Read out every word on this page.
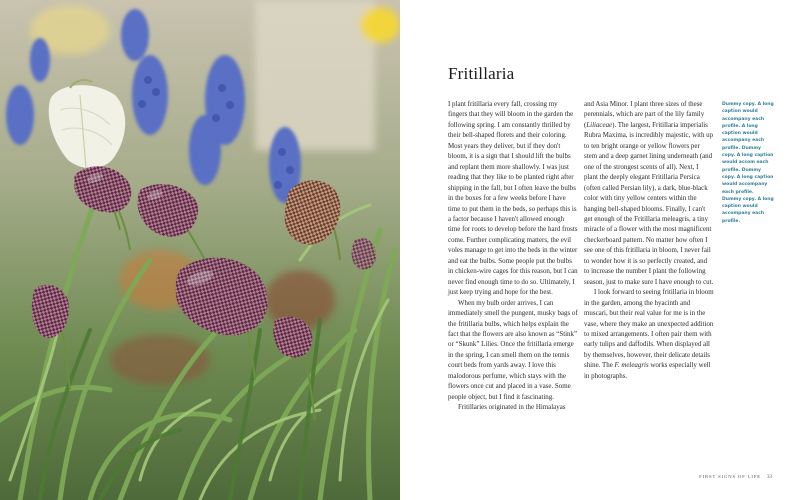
Fritillaria

I plant fritillaria every fall, crossing my fingers that they will bloom in the garden the following spring. I am constantly thrilled by their bell-shaped florets and their coloring. Most years they deliver, but if they don't bloom, it is a sign that I should lift the bulbs and replant them more shallowly. I was just reading that they like to be planted right after shipping in the fall, but I often leave the bulbs in the boxes for a few weeks before I have time to put them in the beds, so perhaps this is a factor because I haven't allowed enough time for roots to develop before the hard frosts come. Further complicating matters, the evil voles manage to get into the beds in the winter and eat the bulbs. Some people put the bulbs in chicken-wire cages for this reason, but I can never find enough time to do so. Ultimately, I just keep trying and hope for the best.

When my bulb order arrives, I can immediately smell the pungent, musky bags of the fritillaria bulbs, which helps explain the fact that the flowers are also known as “Stink” or “Skunk” Lilies. Once the fritillaria emerge in the spring, I can smell them on the tennis court beds from yards away. I love this malodorous perfume, which stays with the flowers once cut and placed in a vase. Some people object, but I find it fascinating.

Fritillaries originated in the Himalayas

and Asia Minor. I plant three sizes of these perennials, which are part of the lily family (Liliaceae). The largest, Fritillaria imperialis Rubra Maxima, is incredibly majestic, with up to ten bright orange or yellow flowers per stem and a deep garnet lining underneath (and one of the strongest scents of all). Next, I plant the deeply elegant Fritillaria Persica (often called Persian lily), a dark, blue-black color with tiny yellow centers within the hanging bell-shaped blooms. Finally, I can't get enough of the Fritillaria meleagris, a tiny miracle of a flower with the most magnificent checkerboard pattern. No matter how often I see one of this fritillaria in bloom, I never fail to wonder how it is so perfectly created, and to increase the number I plant the following season, just to make sure I have enough to cut.

I look forward to seeing fritillaria in bloom in the garden, among the hyacinth and muscari, but their real value for me is in the vase, where they make an unexpected addition to mixed arrangements. I often pair them with early tulips and daffodils. When displayed all by themselves, however, their delicate details shine. The F. meleagris works especially well in photographs.

Dummy copy. A long caption would accompany each profile. A long caption would accompany each profile. Dummy copy. A long caption would accom each profile. Dummy copy. A long caption would accompany each profile. Dummy copy. A long caption would accompany each profile.

FIRST SIGNS OF LIFE 33
